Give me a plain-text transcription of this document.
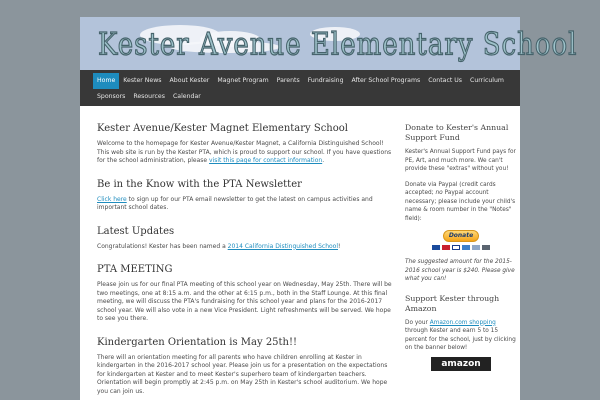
Kester Avenue Elementary School
Home	Kester News	About Kester	Magnet Program	Parents	Fundraising	After School Programs	Contact Us	Curriculum
Sponsors	Resources	Calendar
Kester Avenue/Kester Magnet Elementary School

Welcome to the homepage for Kester Avenue/Kester Magnet, a California Distinguished School! This web site is run by the Kester PTA, which is proud to support our school. If you have questions for the school administration, please visit this page for contact information.

Be in the Know with the PTA Newsletter

Click here to sign up for our PTA email newsletter to get the latest on campus activities and important school dates.

Latest Updates

Congratulations! Kester has been named a 2014 California Distinguished School!

PTA MEETING

Please join us for our final PTA meeting of this school year on Wednesday, May 25th. There will be two meetings, one at 8:15 a.m. and the other at 6:15 p.m., both in the Staff Lounge. At this final meeting, we will discuss the PTA's fundraising for this school year and plans for the 2016-2017 school year. We will also vote in a new Vice President. Light refreshments will be served. We hope to see you there.

Kindergarten Orientation is May 25th!!

There will an orientation meeting for all parents who have children enrolling at Kester in kindergarten in the 2016-2017 school year. Please join us for a presentation on the expectations for kindergarten at Kester and to meet Kester's superhero team of kindergarten teachers. Orientation will begin promptly at 2:45 p.m. on May 25th in Kester's school auditorium. We hope you can join us.

Donate to Kester's Annual Support Fund

Kester's Annual Support Fund pays for PE, Art, and much more. We can't provide these "extras" without you!

Donate via Paypal (credit cards accepted; no Paypal account necessary; please include your child's name & room number in the "Notes" field):

Donate

The suggested amount for the 2015-2016 school year is $240. Please give what you can!

Support Kester through Amazon

Do your Amazon.com shopping through Kester and earn 5 to 15 percent for the school, just by clicking on the banner below!

amazon
